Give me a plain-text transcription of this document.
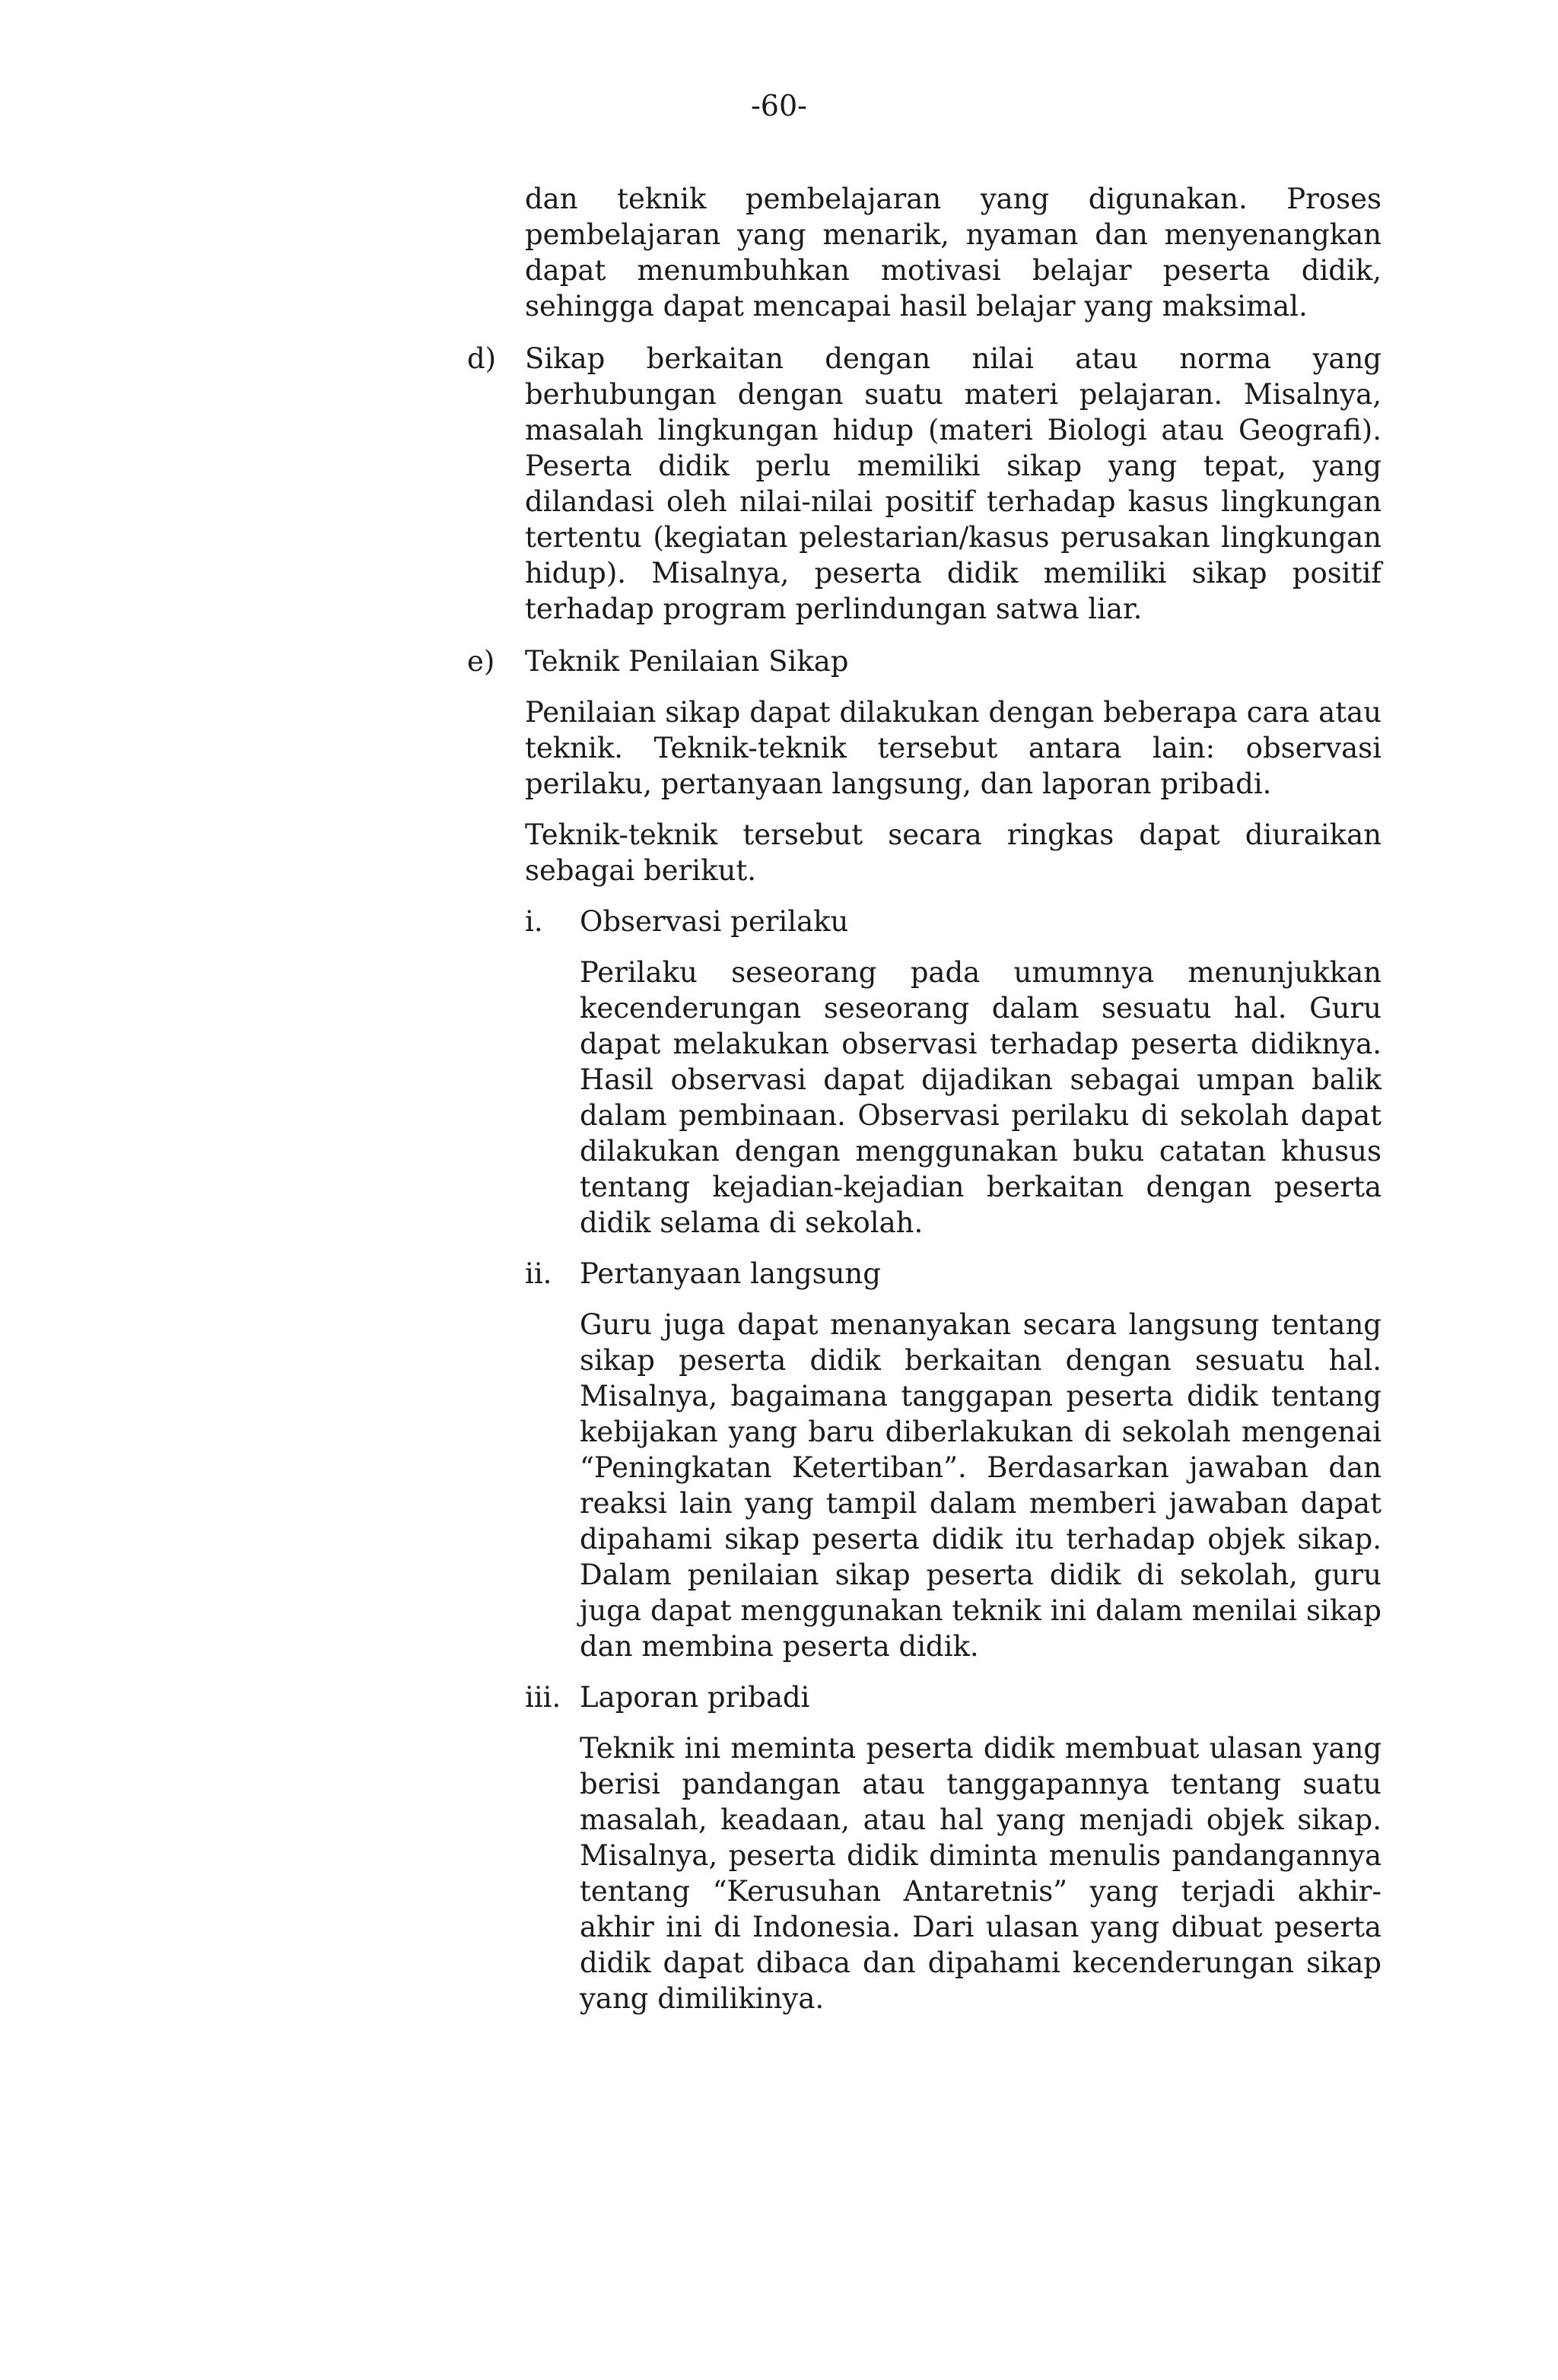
-60-

dan teknik pembelajaran yang digunakan. Proses pembelajaran yang menarik, nyaman dan menyenangkan dapat menumbuhkan motivasi belajar peserta didik, sehingga dapat mencapai hasil belajar yang maksimal.

d) Sikap berkaitan dengan nilai atau norma yang berhubungan dengan suatu materi pelajaran. Misalnya, masalah lingkungan hidup (materi Biologi atau Geografi). Peserta didik perlu memiliki sikap yang tepat, yang dilandasi oleh nilai-nilai positif terhadap kasus lingkungan tertentu (kegiatan pelestarian/kasus perusakan lingkungan hidup). Misalnya, peserta didik memiliki sikap positif terhadap program perlindungan satwa liar.

e) Teknik Penilaian Sikap

Penilaian sikap dapat dilakukan dengan beberapa cara atau teknik. Teknik-teknik tersebut antara lain: observasi perilaku, pertanyaan langsung, dan laporan pribadi.

Teknik-teknik tersebut secara ringkas dapat diuraikan sebagai berikut.

i. Observasi perilaku

Perilaku seseorang pada umumnya menunjukkan kecenderungan seseorang dalam sesuatu hal. Guru dapat melakukan observasi terhadap peserta didiknya. Hasil observasi dapat dijadikan sebagai umpan balik dalam pembinaan. Observasi perilaku di sekolah dapat dilakukan dengan menggunakan buku catatan khusus tentang kejadian-kejadian berkaitan dengan peserta didik selama di sekolah.

ii. Pertanyaan langsung

Guru juga dapat menanyakan secara langsung tentang sikap peserta didik berkaitan dengan sesuatu hal. Misalnya, bagaimana tanggapan peserta didik tentang kebijakan yang baru diberlakukan di sekolah mengenai “Peningkatan Ketertiban”. Berdasarkan jawaban dan reaksi lain yang tampil dalam memberi jawaban dapat dipahami sikap peserta didik itu terhadap objek sikap. Dalam penilaian sikap peserta didik di sekolah, guru juga dapat menggunakan teknik ini dalam menilai sikap dan membina peserta didik.

iii. Laporan pribadi

Teknik ini meminta peserta didik membuat ulasan yang berisi pandangan atau tanggapannya tentang suatu masalah, keadaan, atau hal yang menjadi objek sikap. Misalnya, peserta didik diminta menulis pandangannya tentang “Kerusuhan Antaretnis” yang terjadi akhir-akhir ini di Indonesia. Dari ulasan yang dibuat peserta didik dapat dibaca dan dipahami kecenderungan sikap yang dimilikinya.
